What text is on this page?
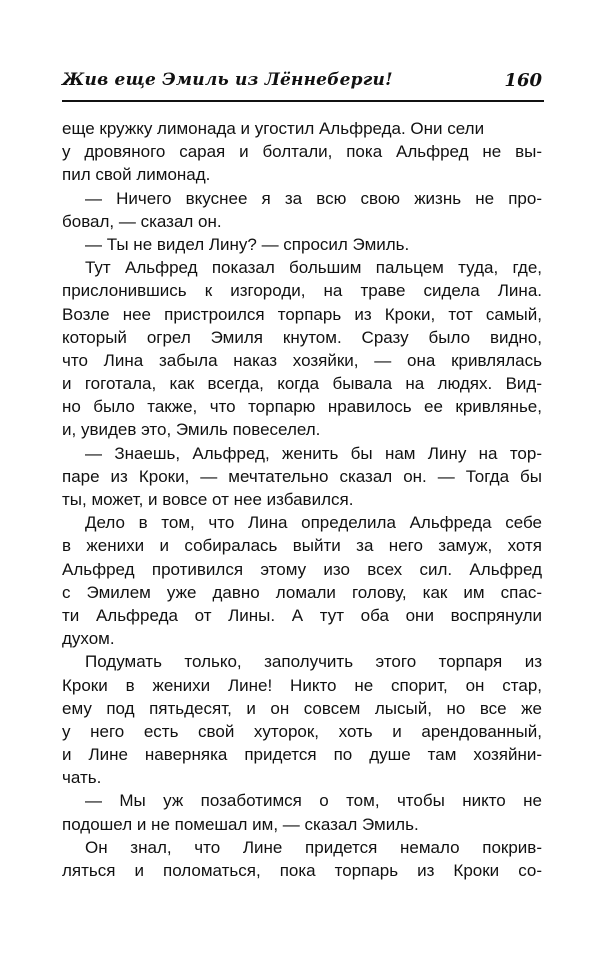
Жив еще Эмиль из Лённеберги!	160
еще кружку лимонада и угостил Альфреда. Они сели
у дровяного сарая и болтали, пока Альфред не вы-
пил свой лимонад.
— Ничего вкуснее я за всю свою жизнь не про-
бовал, — сказал он.
— Ты не видел Лину? — спросил Эмиль.
Тут Альфред показал большим пальцем туда, где,
прислонившись к изгороди, на траве сидела Лина.
Возле нее пристроился торпарь из Кроки, тот самый,
который огрел Эмиля кнутом. Сразу было видно,
что Лина забыла наказ хозяйки, — она кривлялась
и гоготала, как всегда, когда бывала на людях. Вид-
но было также, что торпарю нравилось ее кривлянье,
и, увидев это, Эмиль повеселел.
— Знаешь, Альфред, женить бы нам Лину на тор-
паре из Кроки, — мечтательно сказал он. — Тогда бы
ты, может, и вовсе от нее избавился.
Дело в том, что Лина определила Альфреда себе
в женихи и собиралась выйти за него замуж, хотя
Альфред противился этому изо всех сил. Альфред
с Эмилем уже давно ломали голову, как им спас-
ти Альфреда от Лины. А тут оба они воспрянули
духом.
Подумать только, заполучить этого торпаря из
Кроки в женихи Лине! Никто не спорит, он стар,
ему под пятьдесят, и он совсем лысый, но все же
у него есть свой хуторок, хоть и арендованный,
и Лине наверняка придется по душе там хозяйни-
чать.
— Мы уж позаботимся о том, чтобы никто не
подошел и не помешал им, — сказал Эмиль.
Он знал, что Лине придется немало покрив-
ляться и поломаться, пока торпарь из Кроки со-
